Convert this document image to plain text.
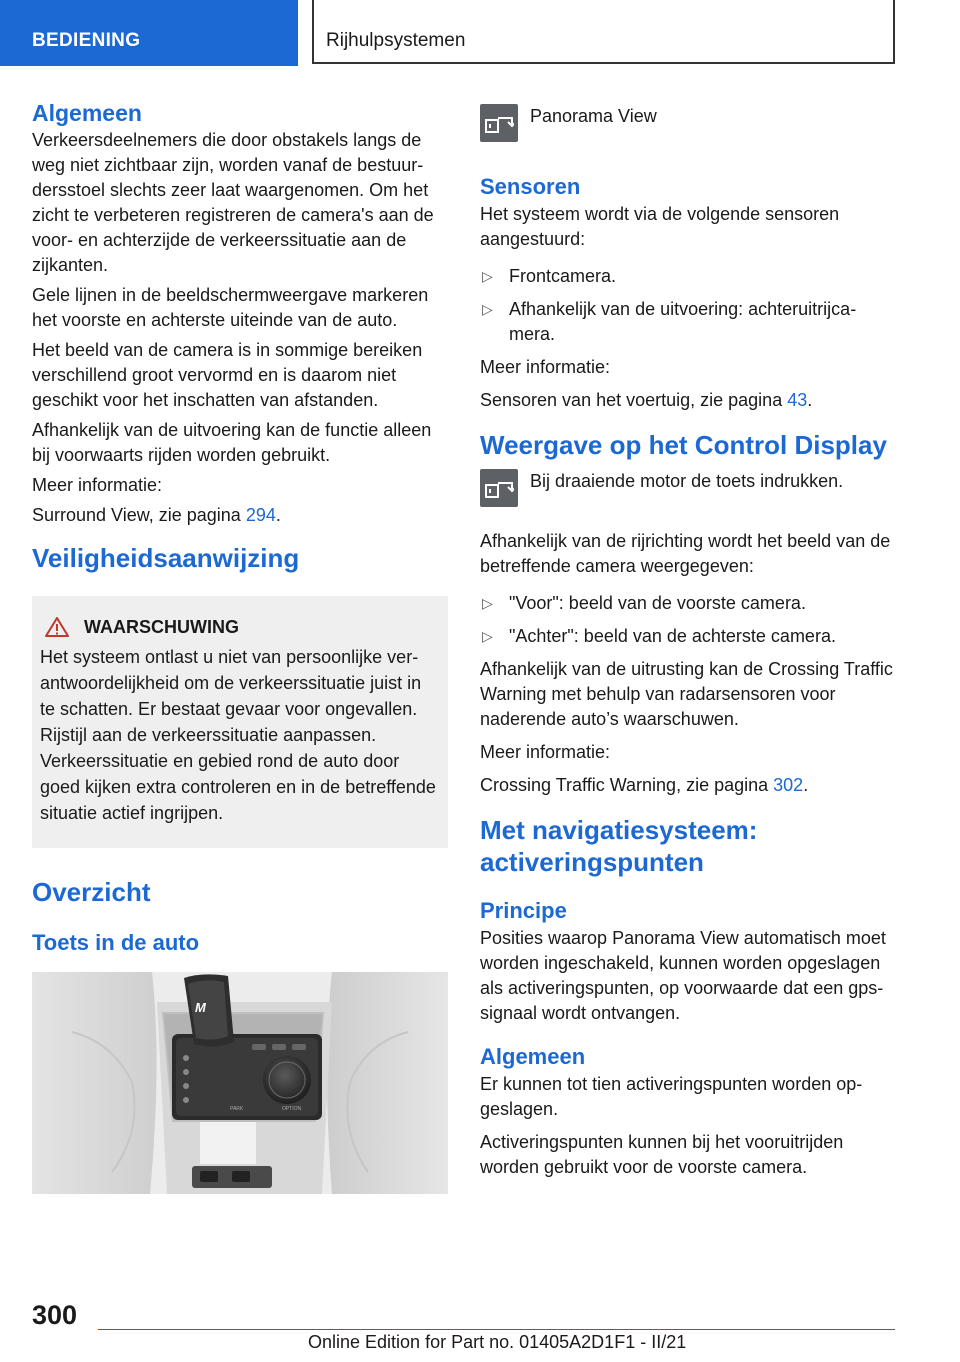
BEDIENING	Rijhulpsystemen
Algemeen

Verkeersdeelnemers die door obstakels langs de weg niet zichtbaar zijn, worden vanaf de bestuurdersstoel slechts zeer laat waargenomen. Om het zicht te verbeteren registreren de camera's aan de voor- en achterzijde de verkeerssituatie aan de zijkanten.

Gele lijnen in de beeldschermweergave markeren het voorste en achterste uiteinde van de auto.

Het beeld van de camera is in sommige bereiken verschillend groot vervormd en is daarom niet geschikt voor het inschatten van afstanden.

Afhankelijk van de uitvoering kan de functie alleen bij voorwaarts rijden worden gebruikt.

Meer informatie:

Surround View, zie pagina 294.

Veiligheidsaanwijzing
WAARSCHUWING

Het systeem ontlast u niet van persoonlijke verantwoordelijkheid om de verkeerssituatie juist in te schatten. Er bestaat gevaar voor ongevallen. Rijstijl aan de verkeerssituatie aanpassen. Verkeerssituatie en gebied rond de auto door goed kijken extra controleren en in de betreffende situatie actief ingrijpen.

Overzicht
Toets in de auto
M
PARK	OPTION
Panorama View
Sensoren

Het systeem wordt via de volgende sensoren aangestuurd:

▷ Frontcamera.
▷ Afhankelijk van de uitvoering: achteruitrijcamera.

Meer informatie:

Sensoren van het voertuig, zie pagina 43.

Weergave op het Control Display
Bij draaiende motor de toets indrukken.

Afhankelijk van de rijrichting wordt het beeld van de betreffende camera weergegeven:

▷ "Voor": beeld van de voorste camera.
▷ "Achter": beeld van de achterste camera.

Afhankelijk van de uitrusting kan de Crossing Traffic Warning met behulp van radarsensoren voor naderende auto’s waarschuwen.

Meer informatie:

Crossing Traffic Warning, zie pagina 302.

Met navigatiesysteem: activeringspunten
Principe

Posities waarop Panorama View automatisch moet worden ingeschakeld, kunnen worden opgeslagen als activeringspunten, op voorwaarde dat een gps-signaal wordt ontvangen.

Algemeen

Er kunnen tot tien activeringspunten worden opgeslagen.

Activeringspunten kunnen bij het vooruitrijden worden gebruikt voor de voorste camera.

300
Online Edition for Part no. 01405A2D1F1 - II/21
